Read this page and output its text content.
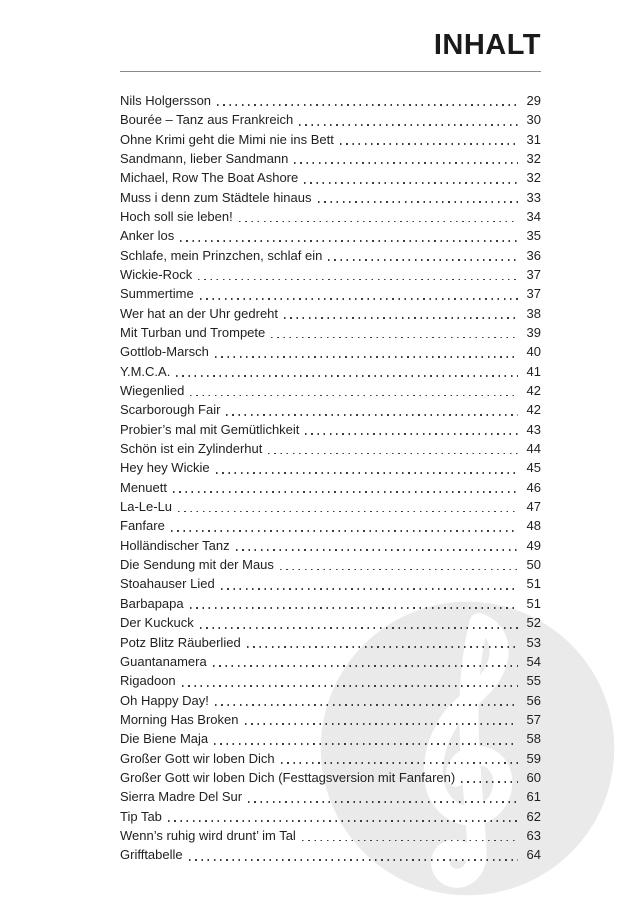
INHALT
Nils Holgersson	29
Bourée – Tanz aus Frankreich	30
Ohne Krimi geht die Mimi nie ins Bett	31
Sandmann, lieber Sandmann	32
Michael, Row The Boat Ashore	32
Muss i denn zum Städtele hinaus	33
Hoch soll sie leben!	34
Anker los	35
Schlafe, mein Prinzchen, schlaf ein	36
Wickie-Rock	37
Summertime	37
Wer hat an der Uhr gedreht	38
Mit Turban und Trompete	39
Gottlob-Marsch	40
Y.M.C.A.	41
Wiegenlied	42
Scarborough Fair	42
Probier’s mal mit Gemütlichkeit	43
Schön ist ein Zylinderhut	44
Hey hey Wickie	45
Menuett	46
La-Le-Lu	47
Fanfare	48
Holländischer Tanz	49
Die Sendung mit der Maus	50
Stoahauser Lied	51
Barbapapa	51
Der Kuckuck	52
Potz Blitz Räuberlied	53
Guantanamera	54
Rigadoon	55
Oh Happy Day!	56
Morning Has Broken	57
Die Biene Maja	58
Großer Gott wir loben Dich	59
Großer Gott wir loben Dich (Festtagsversion mit Fanfaren)	60
Sierra Madre Del Sur	61
Tip Tab	62
Wenn’s ruhig wird drunt’ im Tal	63
Grifftabelle	64
